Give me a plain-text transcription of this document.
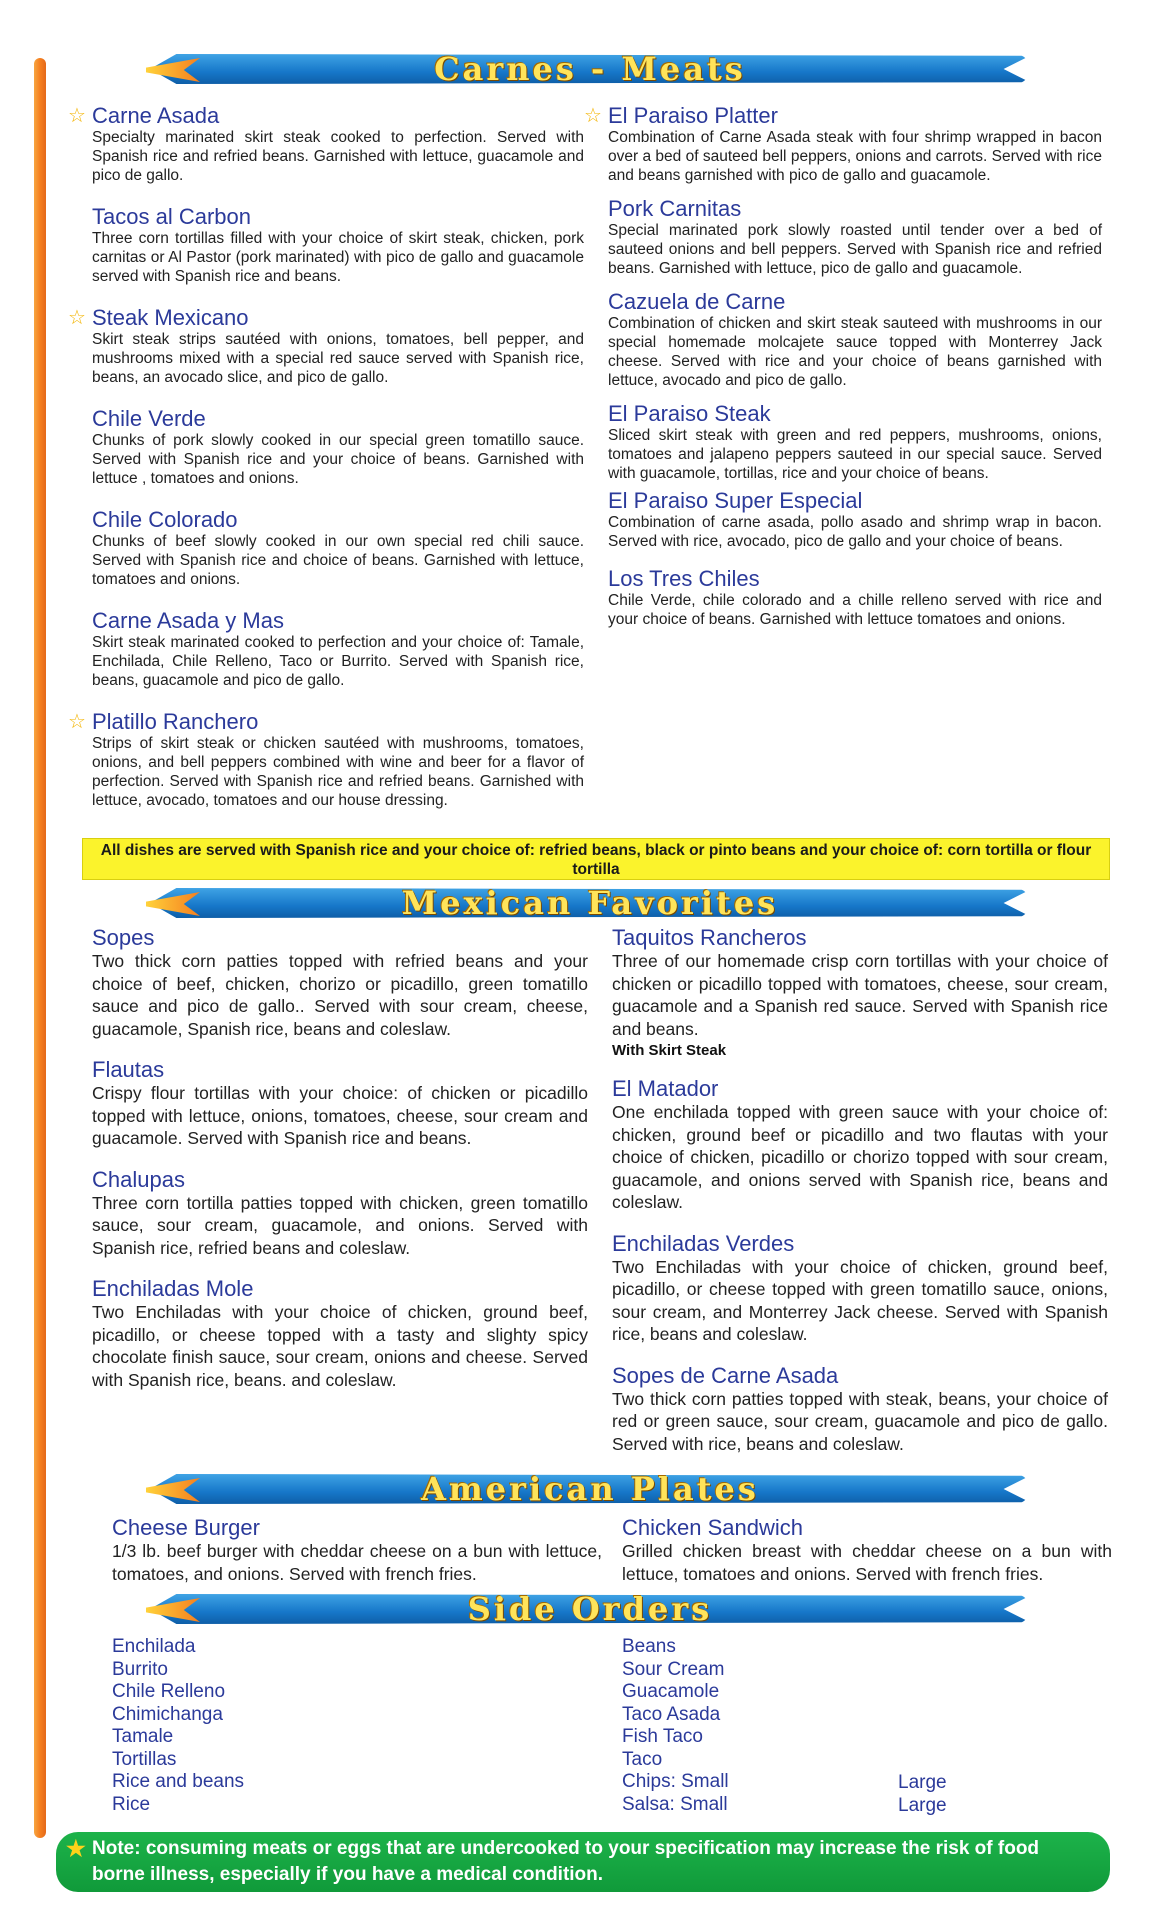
Carnes - Meats
☆ Carne Asada
Specialty marinated skirt steak cooked to perfection. Served with Spanish rice and refried beans. Garnished with lettuce, guacamole and pico de gallo.
Tacos al Carbon
Three corn tortillas filled with your choice of skirt steak, chicken, pork carnitas or Al Pastor (pork marinated) with pico de gallo and guacamole served with Spanish rice and beans.
☆ Steak Mexicano
Skirt steak strips sautéed with onions, tomatoes, bell pepper, and mushrooms mixed with a special red sauce served with Spanish rice, beans, an avocado slice, and pico de gallo.
Chile Verde
Chunks of pork slowly cooked in our special green tomatillo sauce. Served with Spanish rice and your choice of beans. Garnished with lettuce , tomatoes and onions.
Chile Colorado
Chunks of beef slowly cooked in our own special red chili sauce. Served with Spanish rice and choice of beans. Garnished with lettuce, tomatoes and onions.
Carne Asada y Mas
Skirt steak marinated cooked to perfection and your choice of: Tamale, Enchilada, Chile Relleno, Taco or Burrito. Served with Spanish rice, beans, guacamole and pico de gallo.
☆ Platillo Ranchero
Strips of skirt steak or chicken sautéed with mushrooms, tomatoes, onions, and bell peppers combined with wine and beer for a flavor of perfection. Served with Spanish rice and refried beans. Garnished with lettuce, avocado, tomatoes and our house dressing.
☆ El Paraiso Platter
Combination of Carne Asada steak with four shrimp wrapped in bacon over a bed of sauteed bell peppers, onions and carrots. Served with rice and beans garnished with pico de gallo and guacamole.
Pork Carnitas
Special marinated pork slowly roasted until tender over a bed of sauteed onions and bell peppers. Served with Spanish rice and refried beans. Garnished with lettuce, pico de gallo and guacamole.
Cazuela de Carne
Combination of chicken and skirt steak sauteed with mushrooms in our special homemade molcajete sauce topped with Monterrey Jack cheese. Served with rice and your choice of beans garnished with lettuce, avocado and pico de gallo.
El Paraiso Steak
Sliced skirt steak with green and red peppers, mushrooms, onions, tomatoes and jalapeno peppers sauteed in our special sauce. Served with guacamole, tortillas, rice and your choice of beans.
El Paraiso Super Especial
Combination of carne asada, pollo asado and shrimp wrap in bacon. Served with rice, avocado, pico de gallo and your choice of beans.
Los Tres Chiles
Chile Verde, chile colorado and a chille relleno served with rice and your choice of beans. Garnished with lettuce tomatoes and onions.
All dishes are served with Spanish rice and your choice of: refried beans, black or pinto beans and your choice of: corn tortilla or flour tortilla
Mexican Favorites
Sopes
Two thick corn patties topped with refried beans and your choice of beef, chicken, chorizo or picadillo, green tomatillo sauce and pico de gallo.. Served with sour cream, cheese, guacamole, Spanish rice, beans and coleslaw.
Flautas
Crispy flour tortillas with your choice: of chicken or picadillo topped with lettuce, onions, tomatoes, cheese, sour cream and guacamole. Served with Spanish rice and beans.
Chalupas
Three corn tortilla patties topped with chicken, green tomatillo sauce, sour cream, guacamole, and onions. Served with Spanish rice, refried beans and coleslaw.
Enchiladas Mole
Two Enchiladas with your choice of chicken, ground beef, picadillo, or cheese topped with a tasty and slighty spicy chocolate finish sauce, sour cream, onions and cheese. Served with Spanish rice, beans. and coleslaw.
Taquitos Rancheros
Three of our homemade crisp corn tortillas with your choice of chicken or picadillo topped with tomatoes, cheese, sour cream, guacamole and a Spanish red sauce. Served with Spanish rice and beans.
With Skirt Steak
El Matador
One enchilada topped with green sauce with your choice of: chicken, ground beef or picadillo and two flautas with your choice of chicken, picadillo or chorizo topped with sour cream, guacamole, and onions served with Spanish rice, beans and coleslaw.
Enchiladas Verdes
Two Enchiladas with your choice of chicken, ground beef, picadillo, or cheese topped with green tomatillo sauce, onions, sour cream, and Monterrey Jack cheese. Served with Spanish rice, beans and coleslaw.
Sopes de Carne Asada
Two thick corn patties topped with steak, beans, your choice of red or green sauce, sour cream, guacamole and pico de gallo. Served with rice, beans and coleslaw.
American Plates
Cheese Burger
1/3 lb. beef burger with cheddar cheese on a bun with lettuce, tomatoes, and onions. Served with french fries.
Chicken Sandwich
Grilled chicken breast with cheddar cheese on a bun with lettuce, tomatoes and onions. Served with french fries.
Side Orders
Enchilada
Burrito
Chile Relleno
Chimichanga
Tamale
Tortillas
Rice and beans
Rice
Beans
Sour Cream
Guacamole
Taco Asada
Fish Taco
Taco
Chips: Small
Salsa: Small
Large
Large
★ Note: consuming meats or eggs that are undercooked to your specification may increase the risk of food borne illness, especially if you have a medical condition.
